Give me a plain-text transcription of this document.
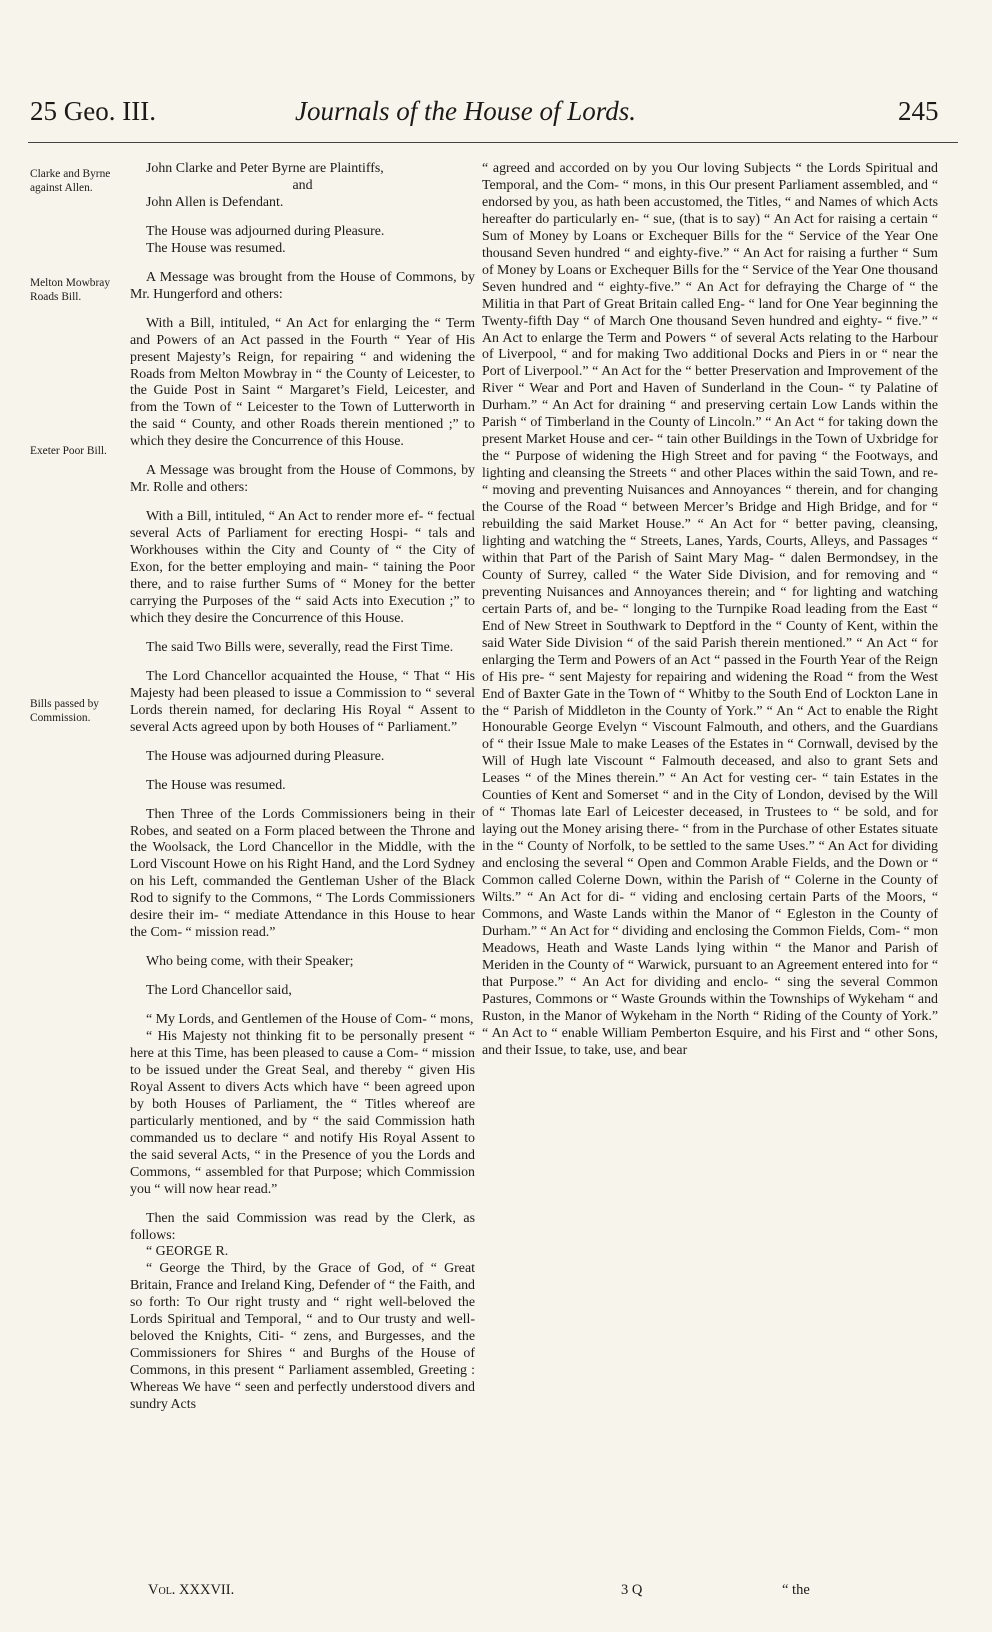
25 Geo. III.	Journals of the House of Lords.	245
Clarke and Byrne against Allen.
Melton Mowbray Roads Bill.
Exeter Poor Bill.
Bills passed by Commission.

John Clarke and Peter Byrne are Plaintiffs,

and

John Allen is Defendant.

The House was adjourned during Pleasure.

The House was resumed.

A Message was brought from the House of Commons, by Mr. Hungerford and others:

With a Bill, intituled, “ An Act for enlarging the “ Term and Powers of an Act passed in the Fourth “ Year of His present Majesty’s Reign, for repairing “ and widening the Roads from Melton Mowbray in “ the County of Leicester, to the Guide Post in Saint “ Margaret’s Field, Leicester, and from the Town of “ Leicester to the Town of Lutterworth in the said “ County, and other Roads therein mentioned ;” to which they desire the Concurrence of this House.

A Message was brought from the House of Commons, by Mr. Rolle and others:

With a Bill, intituled, “ An Act to render more ef- “ fectual several Acts of Parliament for erecting Hospi- “ tals and Workhouses within the City and County of “ the City of Exon, for the better employing and main- “ taining the Poor there, and to raise further Sums of “ Money for the better carrying the Purposes of the “ said Acts into Execution ;” to which they desire the Concurrence of this House.

The said Two Bills were, severally, read the First Time.

The Lord Chancellor acquainted the House, “ That “ His Majesty had been pleased to issue a Commission to “ several Lords therein named, for declaring His Royal “ Assent to several Acts agreed upon by both Houses of “ Parliament.”

The House was adjourned during Pleasure.

The House was resumed.

Then Three of the Lords Commissioners being in their Robes, and seated on a Form placed between the Throne and the Woolsack, the Lord Chancellor in the Middle, with the Lord Viscount Howe on his Right Hand, and the Lord Sydney on his Left, commanded the Gentleman Usher of the Black Rod to signify to the Commons, “ The Lords Commissioners desire their im- “ mediate Attendance in this House to hear the Com- “ mission read.”

Who being come, with their Speaker;

The Lord Chancellor said,

“ My Lords, and Gentlemen of the House of Com- “ mons,

“ His Majesty not thinking fit to be personally present “ here at this Time, has been pleased to cause a Com- “ mission to be issued under the Great Seal, and thereby “ given His Royal Assent to divers Acts which have “ been agreed upon by both Houses of Parliament, the “ Titles whereof are particularly mentioned, and by “ the said Commission hath commanded us to declare “ and notify His Royal Assent to the said several Acts, “ in the Presence of you the Lords and Commons, “ assembled for that Purpose; which Commission you “ will now hear read.”

Then the said Commission was read by the Clerk, as follows:

“ GEORGE R.

“ George the Third, by the Grace of God, of “ Great Britain, France and Ireland King, Defender of “ the Faith, and so forth: To Our right trusty and “ right well-beloved the Lords Spiritual and Temporal, “ and to Our trusty and well-beloved the Knights, Citi- “ zens, and Burgesses, and the Commissioners for Shires “ and Burghs of the House of Commons, in this present “ Parliament assembled, Greeting : Whereas We have “ seen and perfectly understood divers and sundry Acts

“ agreed and accorded on by you Our loving Subjects “ the Lords Spiritual and Temporal, and the Com- “ mons, in this Our present Parliament assembled, and “ endorsed by you, as hath been accustomed, the Titles, “ and Names of which Acts hereafter do particularly en- “ sue, (that is to say) “ An Act for raising a certain “ Sum of Money by Loans or Exchequer Bills for the “ Service of the Year One thousand Seven hundred “ and eighty-five.” “ An Act for raising a further “ Sum of Money by Loans or Exchequer Bills for the “ Service of the Year One thousand Seven hundred and “ eighty-five.” “ An Act for defraying the Charge of “ the Militia in that Part of Great Britain called Eng- “ land for One Year beginning the Twenty-fifth Day “ of March One thousand Seven hundred and eighty- “ five.” “ An Act to enlarge the Term and Powers “ of several Acts relating to the Harbour of Liverpool, “ and for making Two additional Docks and Piers in or “ near the Port of Liverpool.” “ An Act for the “ better Preservation and Improvement of the River “ Wear and Port and Haven of Sunderland in the Coun- “ ty Palatine of Durham.” “ An Act for draining “ and preserving certain Low Lands within the Parish “ of Timberland in the County of Lincoln.” “ An Act “ for taking down the present Market House and cer- “ tain other Buildings in the Town of Uxbridge for the “ Purpose of widening the High Street and for paving “ the Footways, and lighting and cleansing the Streets “ and other Places within the said Town, and re- “ moving and preventing Nuisances and Annoyances “ therein, and for changing the Course of the Road “ between Mercer’s Bridge and High Bridge, and for “ rebuilding the said Market House.” “ An Act for “ better paving, cleansing, lighting and watching the “ Streets, Lanes, Yards, Courts, Alleys, and Passages “ within that Part of the Parish of Saint Mary Mag- “ dalen Bermondsey, in the County of Surrey, called “ the Water Side Division, and for removing and “ preventing Nuisances and Annoyances therein; and “ for lighting and watching certain Parts of, and be- “ longing to the Turnpike Road leading from the East “ End of New Street in Southwark to Deptford in the “ County of Kent, within the said Water Side Division “ of the said Parish therein mentioned.” “ An Act “ for enlarging the Term and Powers of an Act “ passed in the Fourth Year of the Reign of His pre- “ sent Majesty for repairing and widening the Road “ from the West End of Baxter Gate in the Town of “ Whitby to the South End of Lockton Lane in the “ Parish of Middleton in the County of York.” “ An “ Act to enable the Right Honourable George Evelyn “ Viscount Falmouth, and others, and the Guardians of “ their Issue Male to make Leases of the Estates in “ Cornwall, devised by the Will of Hugh late Viscount “ Falmouth deceased, and also to grant Sets and Leases “ of the Mines therein.” “ An Act for vesting cer- “ tain Estates in the Counties of Kent and Somerset “ and in the City of London, devised by the Will of “ Thomas late Earl of Leicester deceased, in Trustees to “ be sold, and for laying out the Money arising there- “ from in the Purchase of other Estates situate in the “ County of Norfolk, to be settled to the same Uses.” “ An Act for dividing and enclosing the several “ Open and Common Arable Fields, and the Down or “ Common called Colerne Down, within the Parish of “ Colerne in the County of Wilts.” “ An Act for di- “ viding and enclosing certain Parts of the Moors, “ Commons, and Waste Lands within the Manor of “ Egleston in the County of Durham.” “ An Act for “ dividing and enclosing the Common Fields, Com- “ mon Meadows, Heath and Waste Lands lying within “ the Manor and Parish of Meriden in the County of “ Warwick, pursuant to an Agreement entered into for “ that Purpose.” “ An Act for dividing and enclo- “ sing the several Common Pastures, Commons or “ Waste Grounds within the Townships of Wykeham “ and Ruston, in the Manor of Wykeham in the North “ Riding of the County of York.” “ An Act to “ enable William Pemberton Esquire, and his First and “ other Sons, and their Issue, to take, use, and bear

Vol. XXXVII.	3 Q	“ the
